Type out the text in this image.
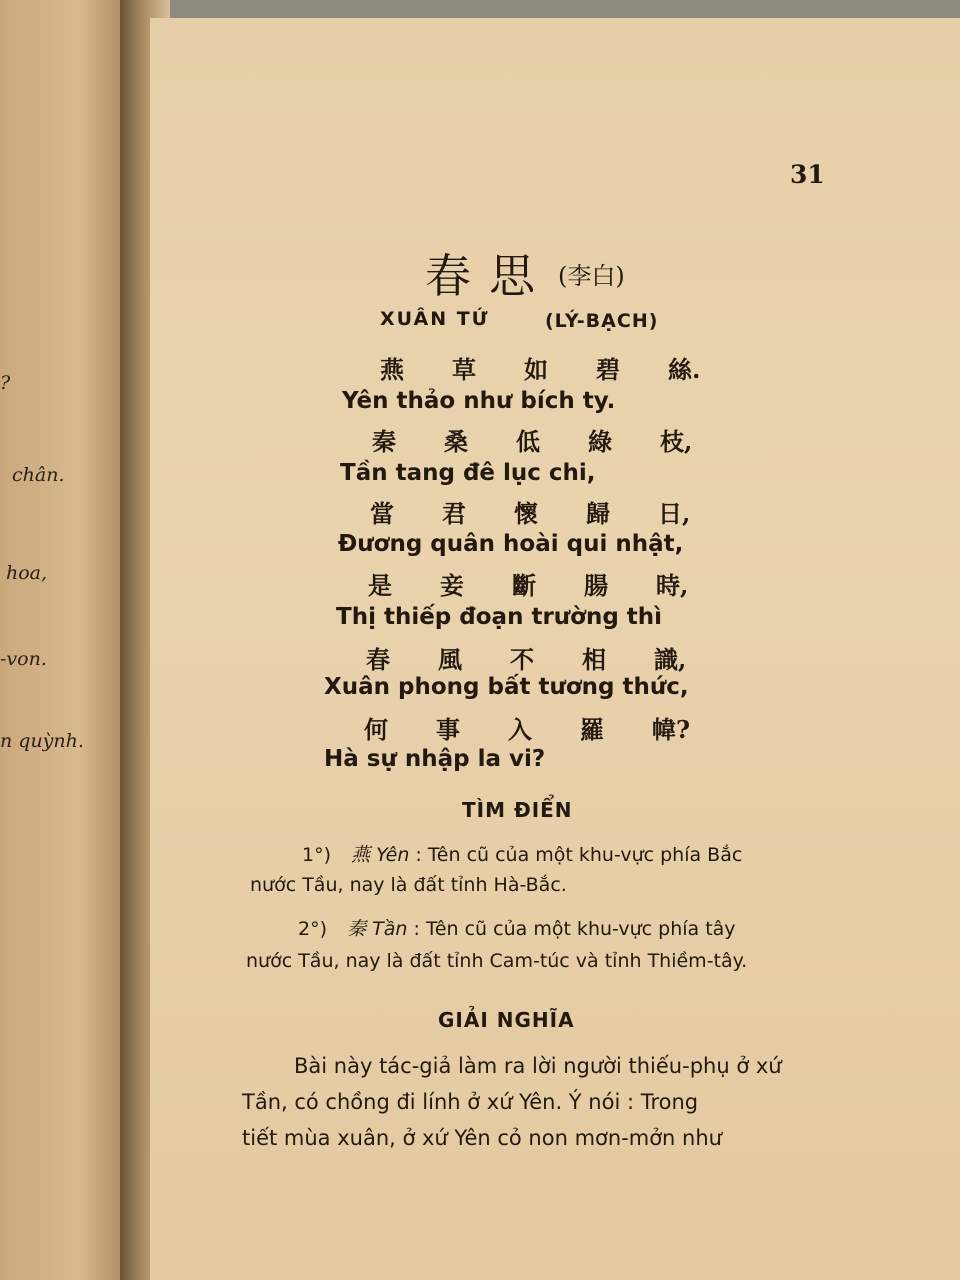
?
chân.
hoa,
-von.
n quỳnh.
31
春思 (李白)
XUÂN TỨ	(LÝ-BẠCH)
燕 草 如 碧 絲.
Yên thảo như bích ty.
秦 桑 低 綠 枝,
Tần tang đê lục chi,
當 君 懷 歸 日,
Đương quân hoài qui nhật,
是 妾 斷 腸 時,
Thị thiếp đoạn trường thì
春 風 不 相 識,
Xuân phong bất tương thức,
何 事 入 羅 幃?
Hà sự nhập la vi?
TÌM ĐIỂN
1°) 燕 Yên : Tên cũ của một khu-vực phía Bắc
nước Tầu, nay là đất tỉnh Hà-Bắc.
2°) 秦 Tần : Tên cũ của một khu-vực phía tây
nước Tầu, nay là đất tỉnh Cam-túc và tỉnh Thiềm-tây.
GIẢI NGHĨA
Bài này tác-giả làm ra lời người thiếu-phụ ở xứ
Tần, có chồng đi lính ở xứ Yên. Ý nói : Trong
tiết mùa xuân, ở xứ Yên cỏ non mơn-mởn như
